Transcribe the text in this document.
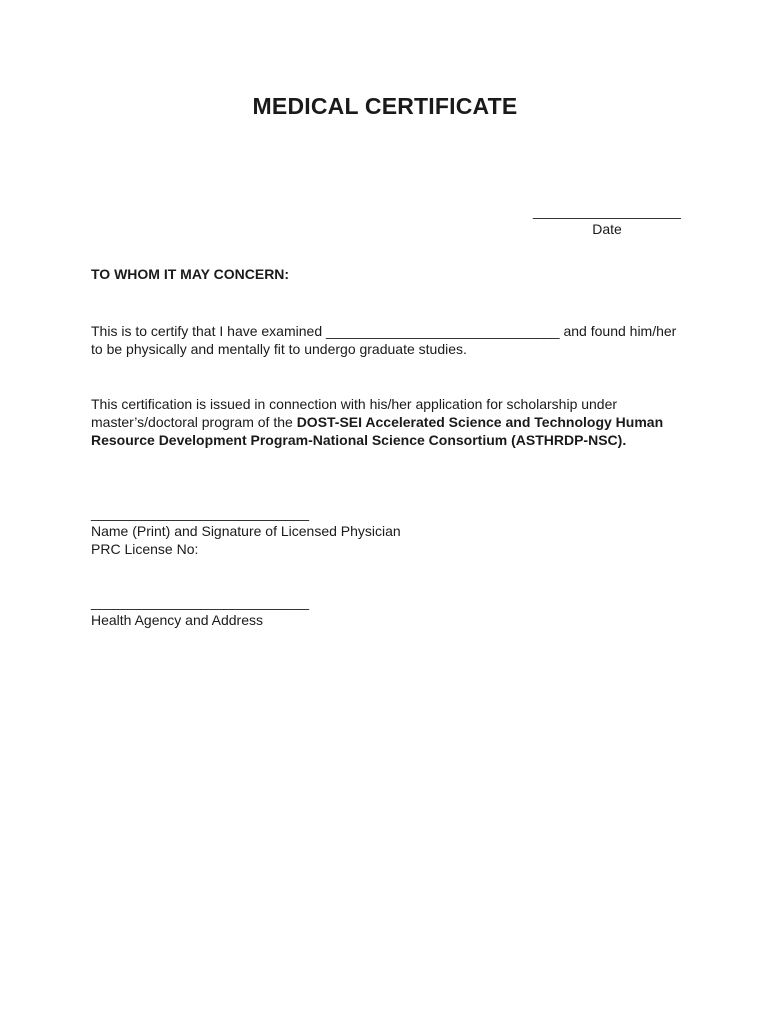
MEDICAL CERTIFICATE
___________________
Date

TO WHOM IT MAY CONCERN:

This is to certify that I have examined ______________________________ and found him/her
to be physically and mentally fit to undergo graduate studies.
This certification is issued in connection with his/her application for scholarship under
master’s/doctoral program of the DOST-SEI Accelerated Science and Technology Human
Resource Development Program-National Science Consortium (ASTHRDP-NSC).
____________________________
Name (Print) and Signature of Licensed Physician
PRC License No:
____________________________
Health Agency and Address
